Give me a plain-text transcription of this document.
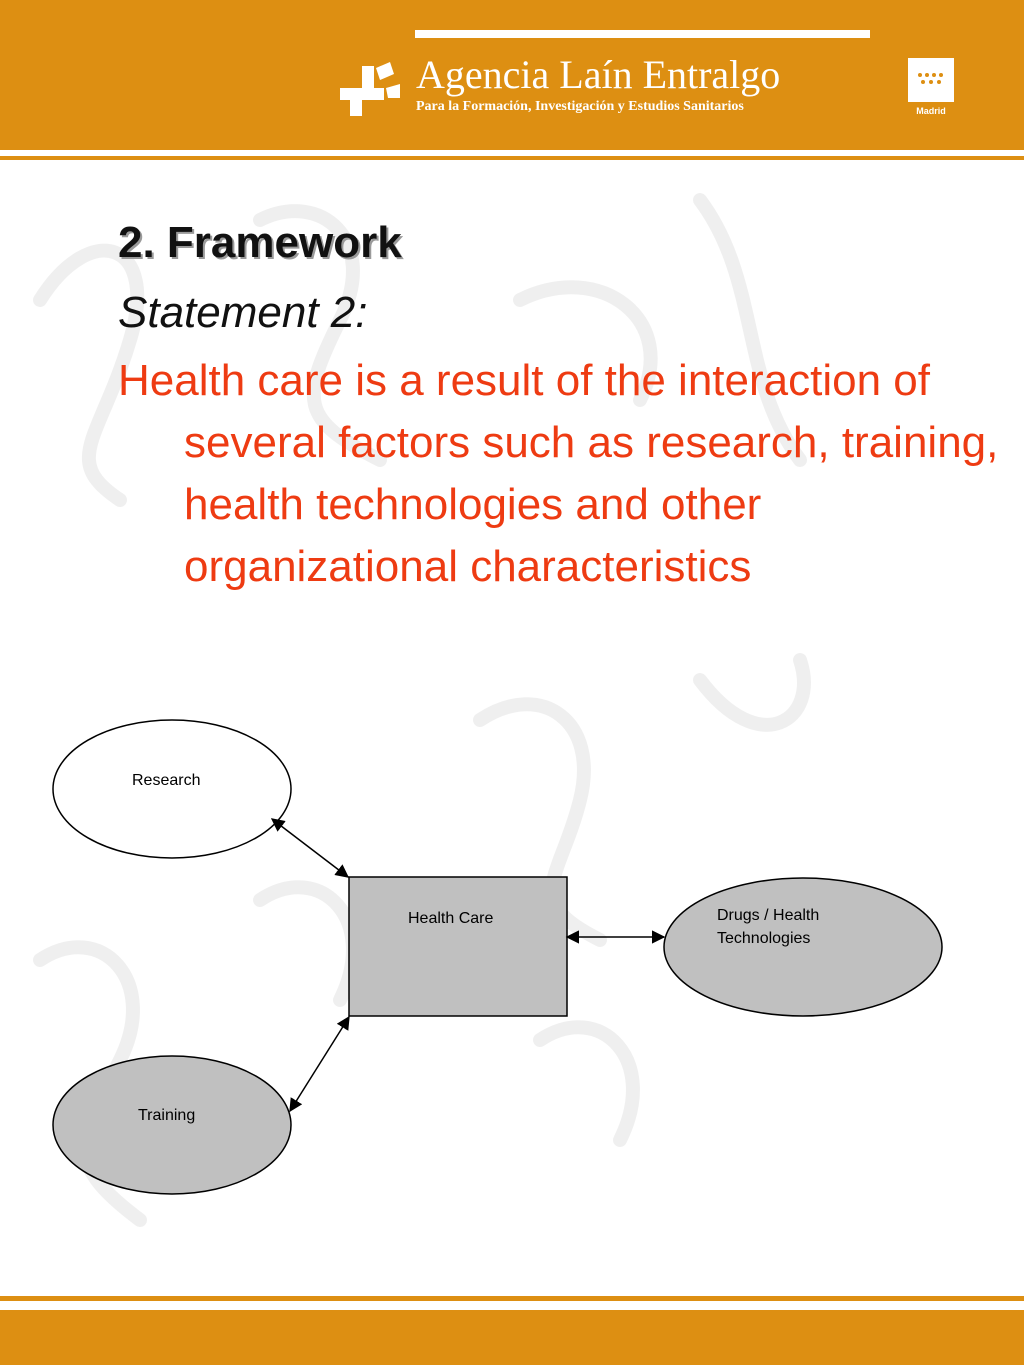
Agencia Laín Entralgo
Para la Formación, Investigación y Estudios Sanitarios	Madrid
2. Framework
Statement 2:

Health care is a result of the interaction of several factors such as research, training, health technologies and other organizational characteristics

Research
Health Care	Drugs / Health
Technologies
Training
